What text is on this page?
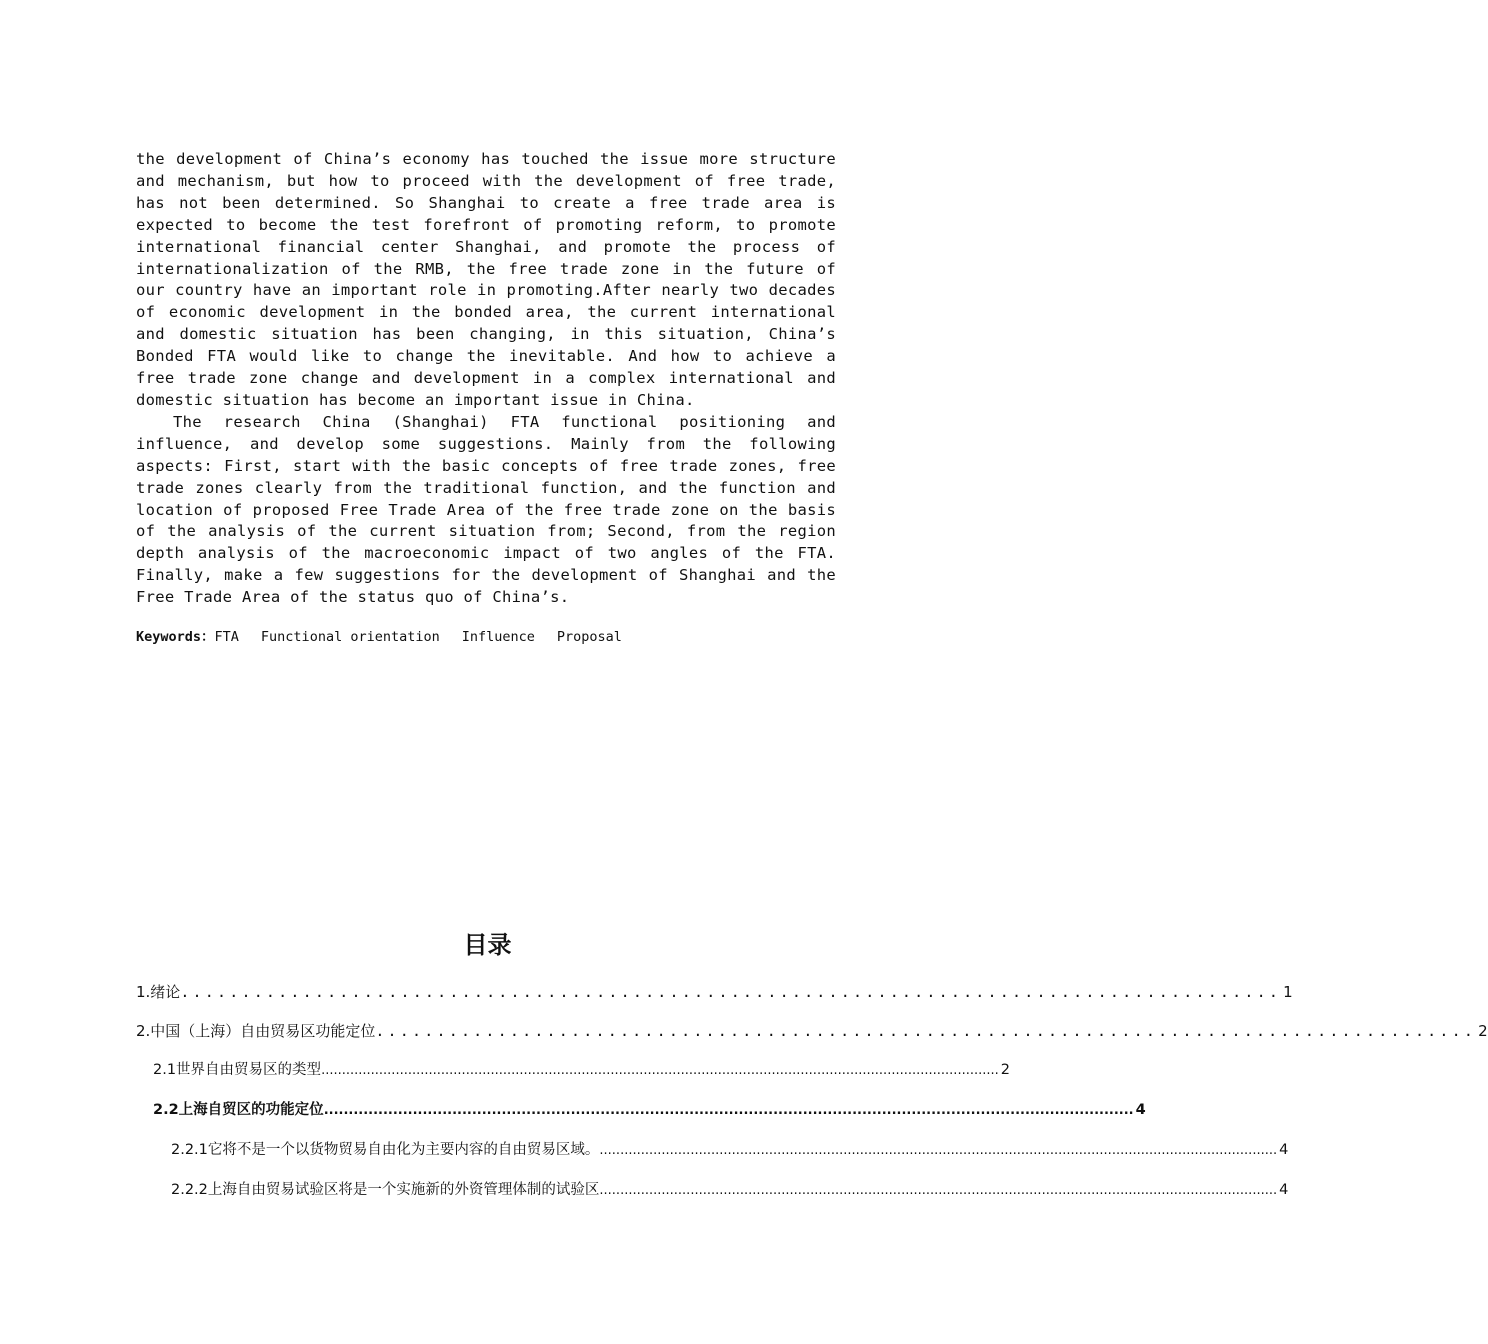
the development of China’s economy has touched the issue more structure and mechanism, but how to proceed with the development of free trade, has not been determined. So Shanghai to create a free trade area is expected to become the test forefront of promoting reform, to promote international financial center Shanghai, and promote the process of internationalization of the RMB, the free trade zone in the future of our country have an important role in promoting.After nearly two decades of economic development in the bonded area, the current international and domestic situation has been changing, in this situation, China’s Bonded FTA would like to change the inevitable. And how to achieve a free trade zone change and development in a complex international and domestic situation has become an important issue in China.

The research China (Shanghai) FTA functional positioning and influence, and develop some suggestions. Mainly from the following aspects: First, start with the basic concepts of free trade zones, free trade zones clearly from the traditional function, and the function and location of proposed Free Trade Area of the free trade zone on the basis of the analysis of the current situation from; Second, from the region depth analysis of the macroeconomic impact of two angles of the FTA. Finally, make a few suggestions for the development of Shanghai and the Free Trade Area of the status quo of China’s.

Keywords：FTA Functional orientation Influence Proposal
目录
1.绪论 .......................................................................................... 1
2.中国（上海）自由贸易区功能定位 .......................................................................................... 2
2.1世界自由贸易区的类型 .................................................................................................................................................................... 2
2.2上海自贸区的功能定位 .................................................................................................................................................................... 4
2.2.1它将不是一个以货物贸易自由化为主要内容的自由贸易区域。 .................................................................................................................................................................... 4
2.2.2上海自由贸易试验区将是一个实施新的外资管理体制的试验区 .................................................................................................................................................................... 4
